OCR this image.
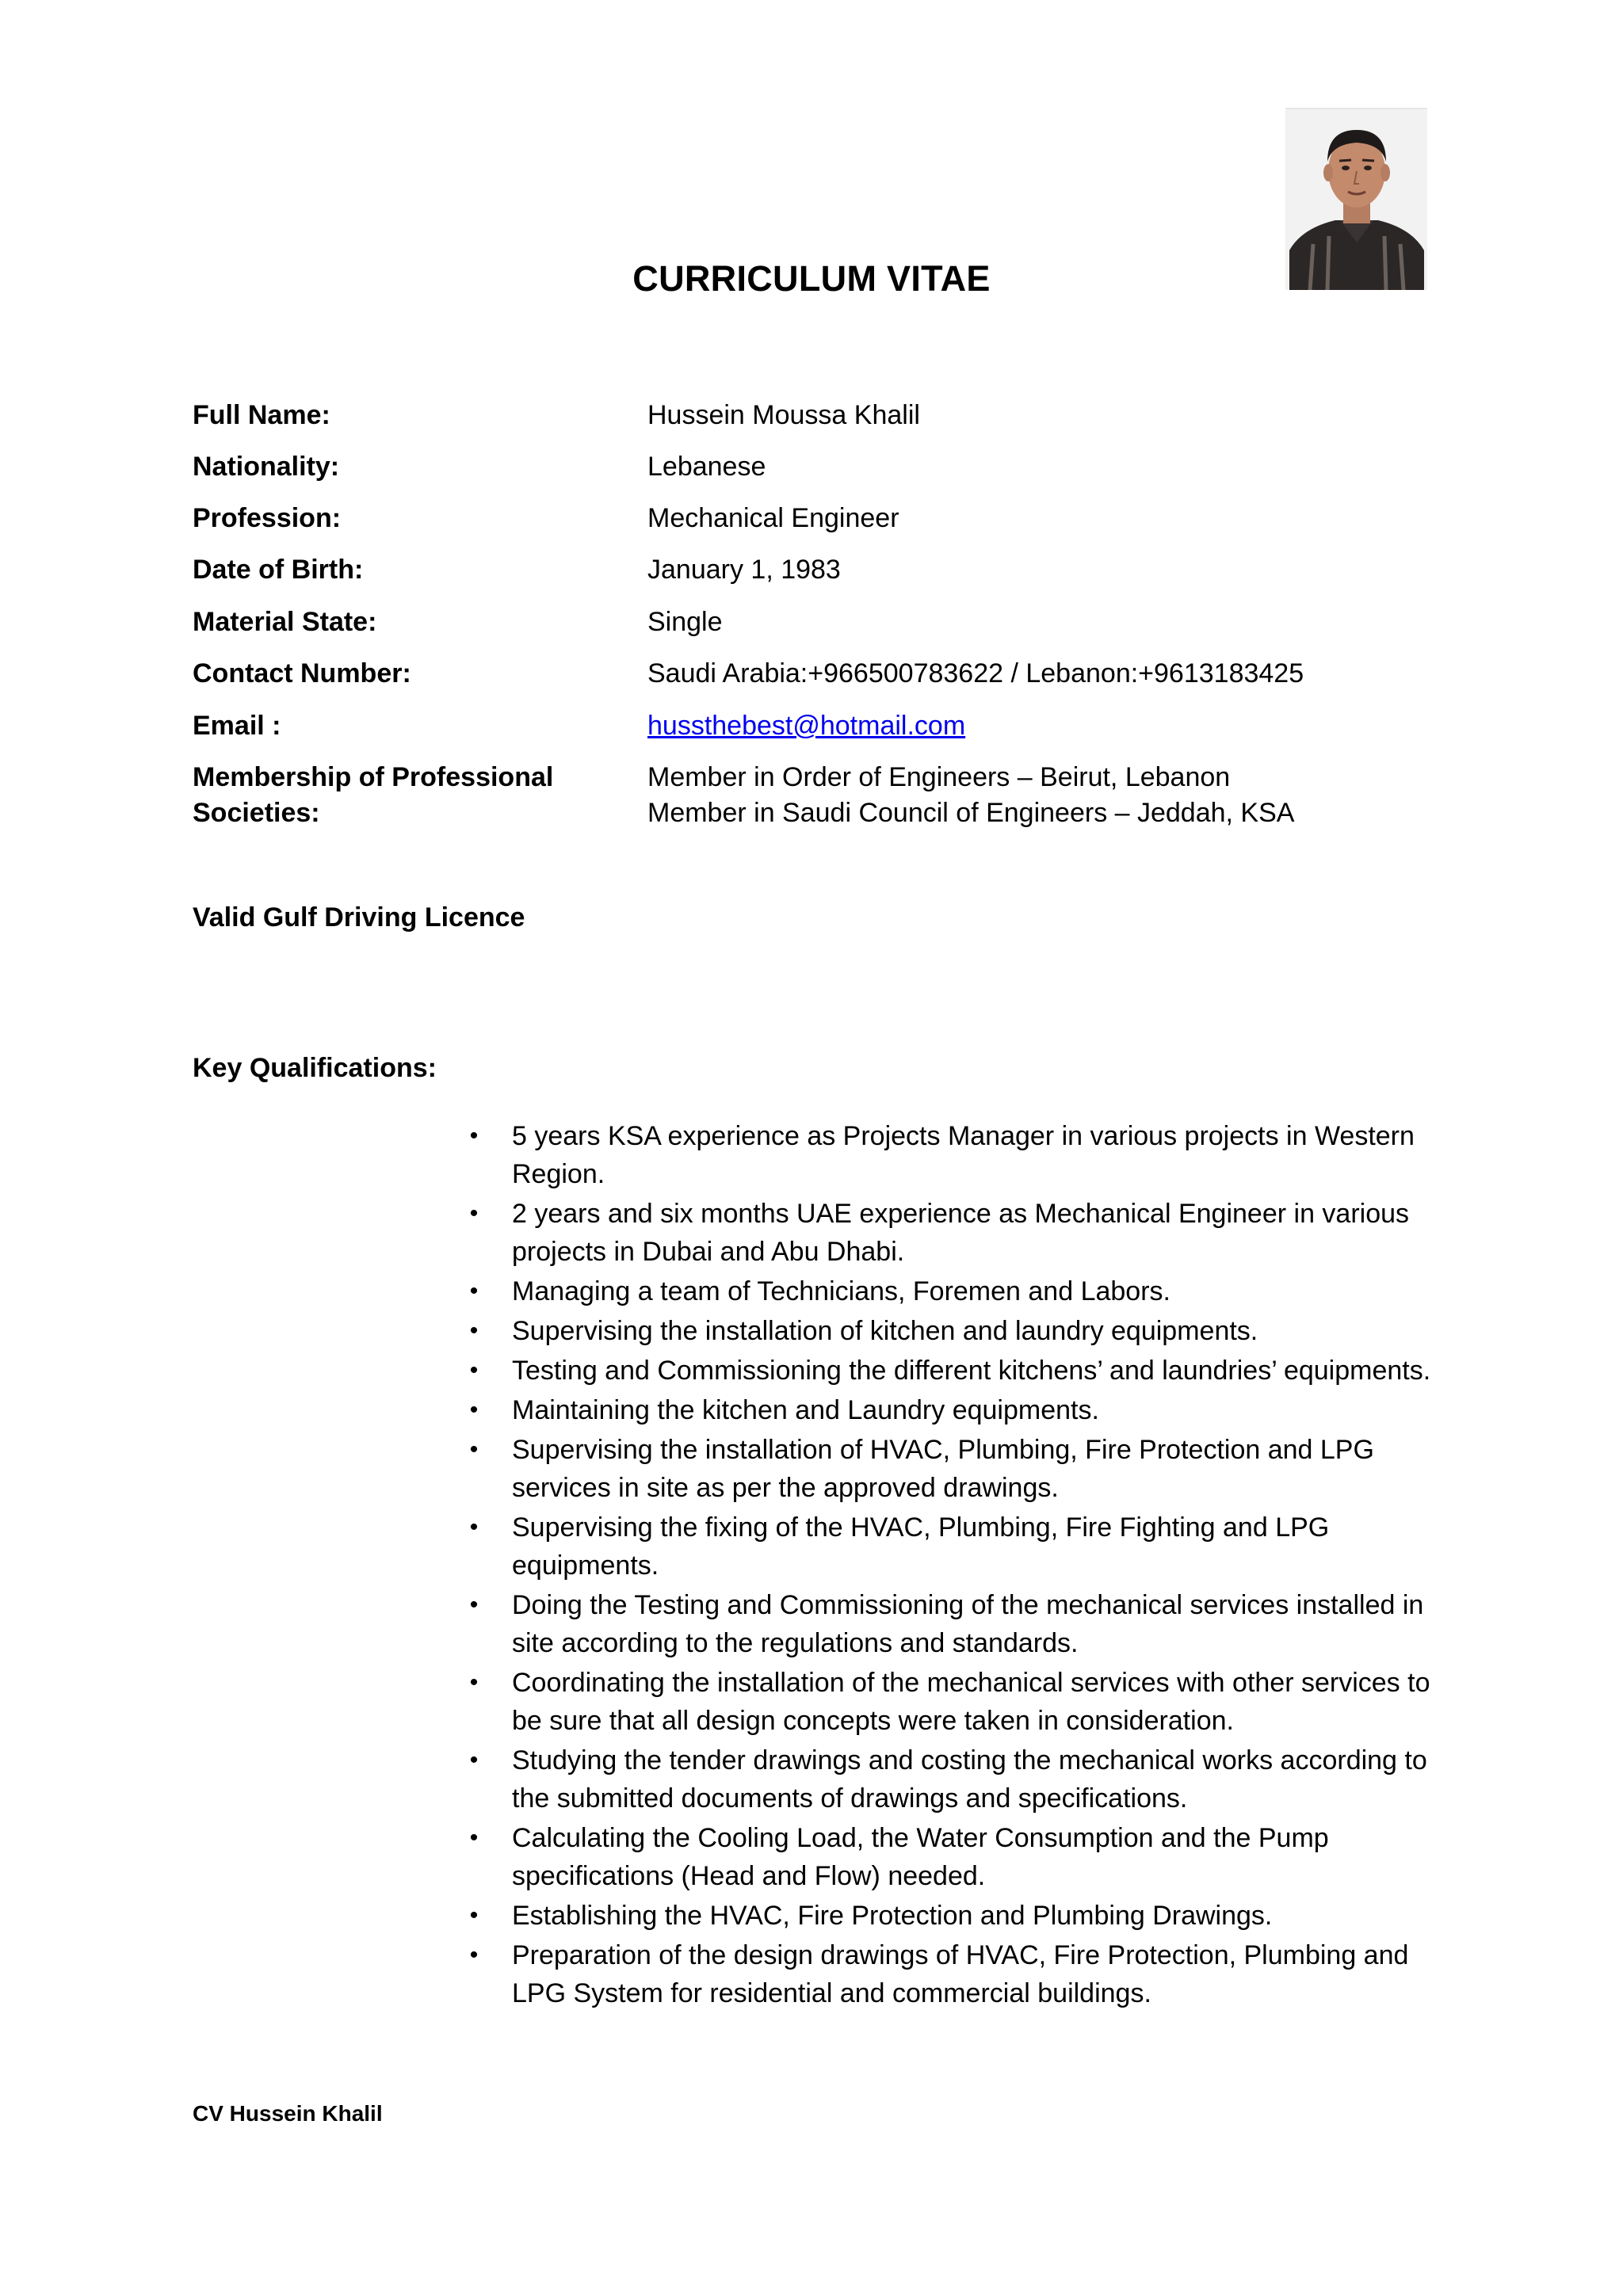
CURRICULUM VITAE
Full Name:	Hussein Moussa Khalil
Nationality:	Lebanese
Profession:	Mechanical Engineer
Date of Birth:	January 1, 1983
Material State:	Single
Contact Number:	Saudi Arabia:+966500783622 / Lebanon:+9613183425
Email :	hussthebest@hotmail.com
Membership of Professional
Societies:
Member in Order of Engineers – Beirut, Lebanon
Member in Saudi Council of Engineers – Jeddah, KSA
Valid Gulf Driving Licence
Key Qualifications:
• 5 years KSA experience as Projects Manager in various projects in Western Region.
• 2 years and six months UAE experience as Mechanical Engineer in various projects in Dubai and Abu Dhabi.
• Managing a team of Technicians, Foremen and Labors.
• Supervising the installation of kitchen and laundry equipments.
• Testing and Commissioning the different kitchens’ and laundries’ equipments.
• Maintaining the kitchen and Laundry equipments.
• Supervising the installation of HVAC, Plumbing, Fire Protection and LPG services in site as per the approved drawings.
• Supervising the fixing of the HVAC, Plumbing, Fire Fighting and LPG equipments.
• Doing the Testing and Commissioning of the mechanical services installed in site according to the regulations and standards.
• Coordinating the installation of the mechanical services with other services to be sure that all design concepts were taken in consideration.
• Studying the tender drawings and costing the mechanical works according to the submitted documents of drawings and specifications.
• Calculating the Cooling Load, the Water Consumption and the Pump specifications (Head and Flow) needed.
• Establishing the HVAC, Fire Protection and Plumbing Drawings.
• Preparation of the design drawings of HVAC, Fire Protection, Plumbing and LPG System for residential and commercial buildings.
CV Hussein Khalil
